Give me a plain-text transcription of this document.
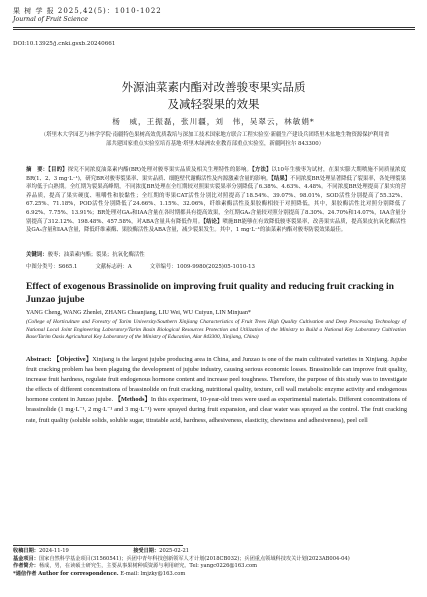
果 树 学 报 2025,42(5)：1010-1022
Journal of Fruit Science
DOI:10.13925/j.cnki.gsxb.20240661
外源油菜素内酯对改善骏枣果实品质
及减轻裂果的效果
杨　威，王振磊，张川疆，刘　伟，吴翠云，林敏娟*
（塔里木大学园艺与林学学院·南疆特色果树高效优质栽培与深加工技术国家地方联合工程实验室·新疆生产建设兵团塔里木盆地生物资源保护利用省部共建国家重点实验室培育基地·塔里木绿洲农业教育部重点实验室，新疆阿拉尔 843300）
摘　要：【目的】探究不同浓度油菜素内酯(BR)处理对骏枣果实品质及相关生理特性的影响。【方法】以10年生骏枣为试材，在果实膨大期喷施不同质量浓度BR(1、2、3 mg·L⁻¹)，研究BR对骏枣裂果率、果实品质、细胞壁代谢酶活性及内源激素含量的影响。【结果】不同浓度BR处理显著降低了裂果率，各处理裂果率均低于白熟期。全红期为裂果高峰期，不同浓度BR处理在全红期较对照果实裂果率分别降低了6.38%、4.63%、4.48%。不同浓度BR处理提高了果实的营养品质，提高了果实硬度、咀嚼性和胶黏性；全红期的枣果CAT活性分别比对照提高了18.54%、39.07%、98.01%，SOD活性分别提高了55.32%、67.25%、71.18%，POD活性分别降低了24.66%、1.15%、32.06%，纤维素酶活性及果胶酶相较于对照降低，其中，果胶酶活性比对照分别降低了6.92%、7.75%、13.91%；BR处理对GA₃和IAA含量在各时期都具有提高效果，全红期GA₃含量较对照分别提高了8.30%、24.70%和14.07%，IAA含量分别提高了312.12%、198.48%、457.58%，对ABA含量具有降低作用。【结论】喷施BR能够在有效降低骏枣裂果率，改善果实品质，提高果皮抗氧化酶活性及GA₃含量和IAA含量，降低纤维素酶、果胶酶活性及ABA含量，减少裂果发生。其中，1 mg·L⁻¹的油菜素内酯对骏枣防裂效果最佳。
关键词：骏枣；油菜素内酯；裂果；抗氧化酶活性
中图分类号：S665.1	文献标志码：A	文章编号：1009-9980(2025)05-1010-13
Effect of exogenous Brassinolide on improving fruit quality and reducing fruit cracking in Junzao jujube
YANG Cheng, WANG Zhenlei, ZHANG Chuanjiang, LIU Wei, WU Cuiyun, LIN Minjuan*
(College of Horticulture and Forestry of Tarim University/Southern Xinjiang Characteristics of Fruit Trees High Quality Cultivation and Deep Processing Technology of National Local Joint Engineering Laboratory/Tarim Basin Biological Resources Protection and Utilization of the Ministry to Build a National Key Laboratory Cultivation Base/Tarim Oasis Agricultural Key Laboratory of the Ministry of Education, Alar 843300, Xinjiang, China)
Abstract: 【Objective】Xinjiang is the largest jujube producing area in China, and Junzao is one of the main cultivated varieties in Xinjiang. Jujube fruit cracking problem has been plaguing the development of jujube industry, causing serious economic losses. Brassinolide can improve fruit quality, increase fruit hardness, regulate fruit endogenous hormone content and increase peel toughness. Therefore, the purpose of this study was to investigate the effects of different concentrations of brassinolide on fruit cracking, nutritional quality, texture, cell wall metabolic enzyme activity and endogenous hormone content in Junzao jujube. 【Methods】In this experiment, 10-year-old trees were used as experimental materials. Different concentrations of brassinolide (1 mg·L⁻¹, 2 mg·L⁻¹ and 3 mg·L⁻¹) were sprayed during fruit expansion, and clear water was sprayed as the control. The fruit cracking rate, fruit quality (soluble solids, soluble sugar, titratable acid, hardness, adhesiveness, elasticity, chewiness and adhesiveness), peel cell
收稿日期：2024-11-19	接受日期：2025-02-21
基金项目：国家自然科学基金项目(31560541)；兵团中青年科技创新领军人才计划(2018CB032)；兵团重点领域科技攻关计划(2023AB004-04)
作者简介：杨成，男，在读硕士研究生，主要从事果树种质资源与利用研究。Tel: yangc0226@163.com
*通信作者 Author for correspondence. E-mail: lmjzky@163.com
